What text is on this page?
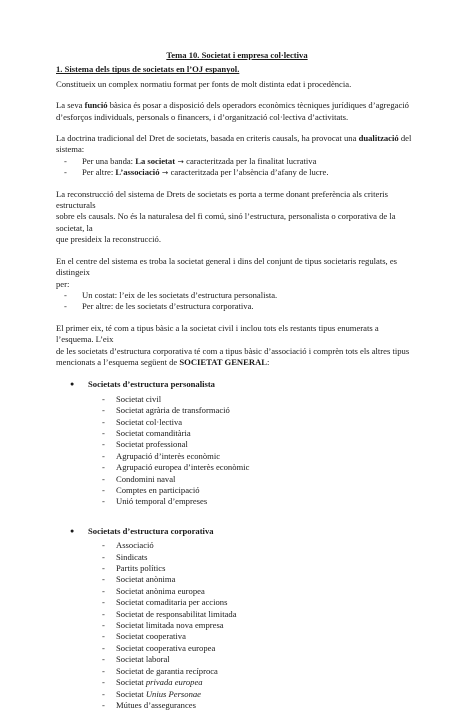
Tema 10. Societat i empresa col·lectiva

1. Sistema dels tipus de societats en l’OJ espanyol.

Constitueix un complex normatiu format per fonts de molt distinta edat i procedència.

La seva funció bàsica és posar a disposició dels operadors econòmics tècniques jurídiques d’agregació
d’esforços individuals, personals o financers, i d’organització col·lectiva d’activitats.

La doctrina tradicional del Dret de societats, basada en criteris causals, ha provocat una dualització del sistema:

- Per una banda: La societat → caracteritzada per la finalitat lucrativa
- Per altre: L’associació → caracteritzada per l’absència d’afany de lucre.

La reconstrucció del sistema de Drets de societats es porta a terme donant preferència als criteris estructurals
sobre els causals. No és la naturalesa del fi comú, sinó l’estructura, personalista o corporativa de la societat, la
que presideix la reconstrucció.

En el centre del sistema es troba la societat general i dins del conjunt de tipus societaris regulats, es distingeix
per:

- Un costat: l’eix de les societats d’estructura personalista.
- Per altre: de les societats d’estructura corporativa.

El primer eix, té com a tipus bàsic a la societat civil i inclou tots els restants tipus enumerats a l’esquema. L’eix
de les societats d’estructura corporativa té com a tipus bàsic d’associació i comprèn tots els altres tipus
mencionats a l’esquema següent de SOCIETAT GENERAL:

● Societats d’estructura personalista
- Societat civil
- Societat agrària de transformació
- Societat col·lectiva
- Societat comanditària
- Societat professional
- Agrupació d’interès econòmic
- Agrupació europea d’interès econòmic
- Condomini naval
- Comptes en participació
- Unió temporal d’empreses
● Societats d’estructura corporativa
- Associació
- Sindicats
- Partits polítics
- Societat anònima
- Societat anònima europea
- Societat comaditaria per accions
- Societat de responsabilitat limitada
- Societat limitada nova empresa
- Societat cooperativa
- Societat cooperativa europea
- Societat laboral
- Societat de garantia recíproca
- Societat privada europea
- Societat Unius Personae
- Mútues d’assegurances
